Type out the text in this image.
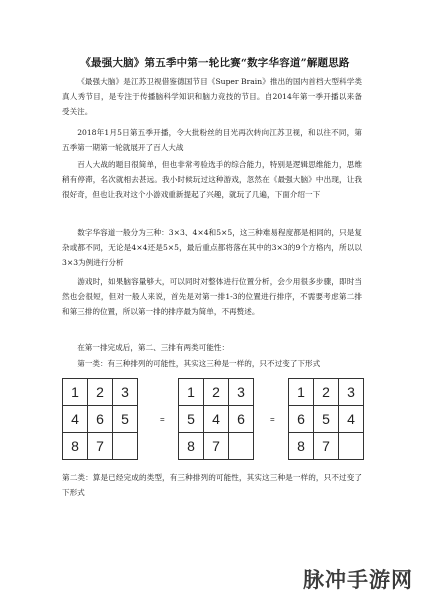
《最强大脑》第五季中第一轮比赛“数字华容道”解题思路

《最强大脑》是江苏卫视借鉴德国节目《Super Brain》推出的国内首档大型科学类真人秀节目，是专注于传播脑科学知识和脑力竞技的节目。自2014年第一季开播以来备受关注。

2018年1月5日第五季开播，令大批粉丝的目光再次转向江苏卫视，和以往不同，第五季第一期第一轮就展开了百人大战

百人大战的题目很简单，但也非常考验选手的综合能力，特别是逻辑思维能力，思维稍有停滞，名次就相去甚远。我小时候玩过这种游戏，忽然在《最强大脑》中出现，让我很好奇，但也让我对这个小游戏重新提起了兴趣，就玩了几遍，下面介绍一下

数字华容道一般分为三种：3×3、4×4和5×5，这三种难易程度都是相同的，只是复杂或都不同，无论是4×4还是5×5，最后重点都将落在其中的3×3的9个方格内，所以以3×3为例进行分析

游戏时，如果脑容量够大，可以同时对整体进行位置分析，会少用很多步骤，即时当然也会很短，但对一般人来说，首先是对第一排1-3的位置进行排序，不需要考虑第二排和第三排的位置，所以第一排的排序最为简单，不再赘述。

在第一排完成后，第二、三排有两类可能性：

第一类：有三种排列的可能性，其实这三种是一样的，只不过变了下形式

1	2	3
4	6	5
8	7	
=
1	2	3
5	4	6
8	7	
=
1	2	3
6	5	4
8	7	

第二类：算是已经完成的类型，有三种排列的可能性，其实这三种是一样的，只不过变了下形式

脉冲手游网
